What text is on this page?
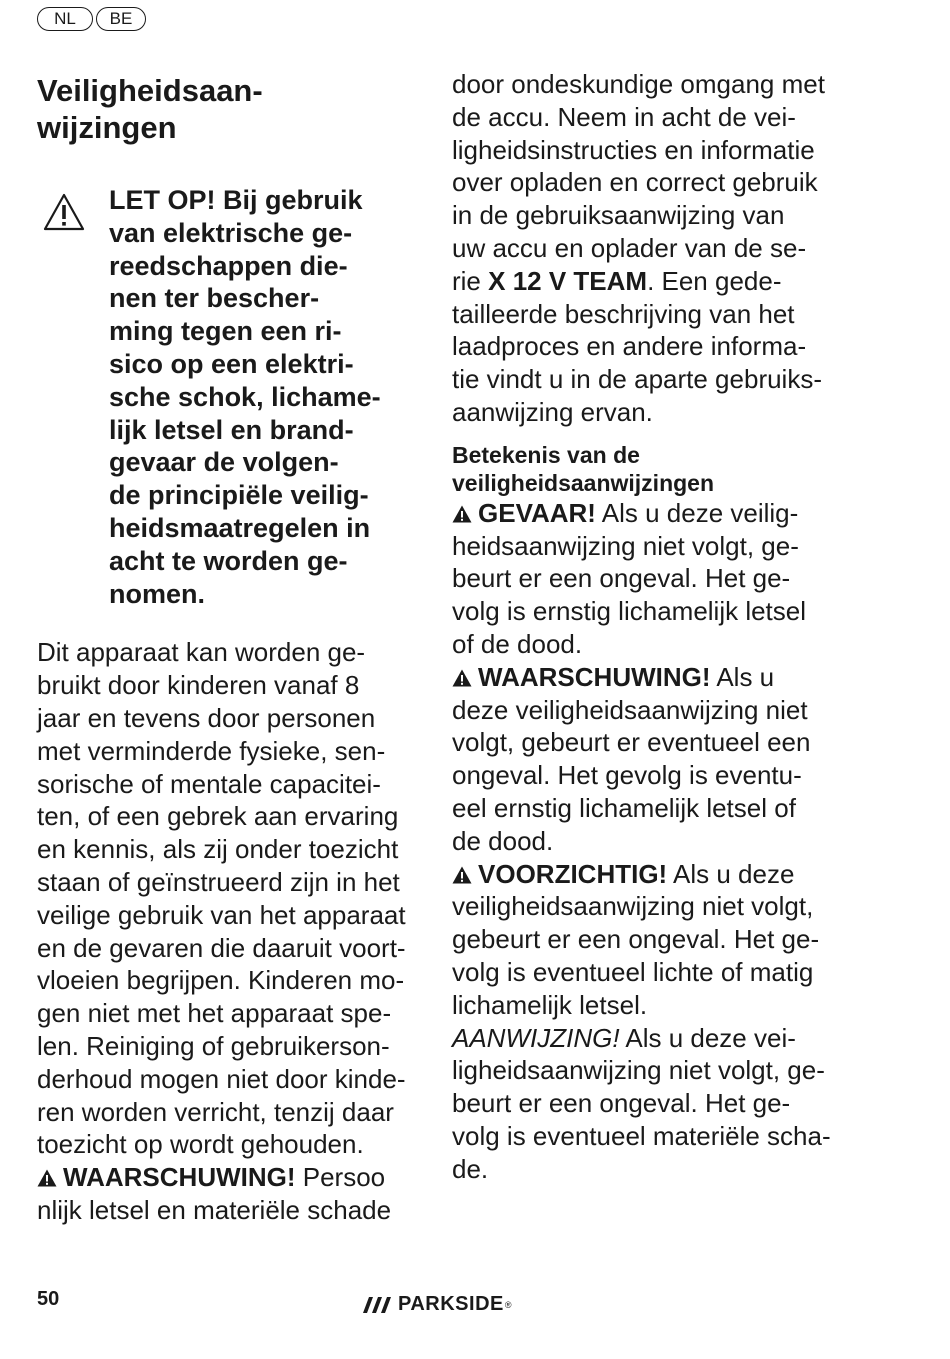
NL	BE
Veiligheidsaan-
wijzingen
LET OP! Bij gebruik
van elektrische ge-
reedschappen die-
nen ter bescher-
ming tegen een ri-
sico op een elektri-
sche schok, lichame-
lijk letsel en brand-
gevaar de volgen-
de principiële veilig-
heidsmaatregelen in
acht te worden ge-
nomen.
Dit apparaat kan worden ge-
bruikt door kinderen vanaf 8
jaar en tevens door personen
met verminderde fysieke, sen-
sorische of mentale capacitei-
ten, of een gebrek aan ervaring
en kennis, als zij onder toezicht
staan of geïnstrueerd zijn in het
veilige gebruik van het apparaat
en de gevaren die daaruit voort-
vloeien begrijpen. Kinderen mo-
gen niet met het apparaat spe-
len. Reiniging of gebruikerson-
derhoud mogen niet door kinde-
ren worden verricht, tenzij daar
toezicht op wordt gehouden.
WAARSCHUWING! Persoo
nlijk letsel en materiële schade
door ondeskundige omgang met
de accu. Neem in acht de vei-
ligheidsinstructies en informatie
over opladen en correct gebruik
in de gebruiksaanwijzing van
uw accu en oplader van de se-
rie X 12 V TEAM. Een gede-
tailleerde beschrijving van het
laadproces en andere informa-
tie vindt u in de aparte gebruiks-
aanwijzing ervan.
Betekenis van de
veiligheidsaanwijzingen
GEVAAR! Als u deze veilig-
heidsaanwijzing niet volgt, ge-
beurt er een ongeval. Het ge-
volg is ernstig lichamelijk letsel
of de dood.
WAARSCHUWING! Als u
deze veiligheidsaanwijzing niet
volgt, gebeurt er eventueel een
ongeval. Het gevolg is eventu-
eel ernstig lichamelijk letsel of
de dood.
VOORZICHTIG! Als u deze
veiligheidsaanwijzing niet volgt,
gebeurt er een ongeval. Het ge-
volg is eventueel lichte of matig
lichamelijk letsel.
AANWIJZING! Als u deze vei-
ligheidsaanwijzing niet volgt, ge-
beurt er een ongeval. Het ge-
volg is eventueel materiële scha-
de.
50	PARKSIDE ®
